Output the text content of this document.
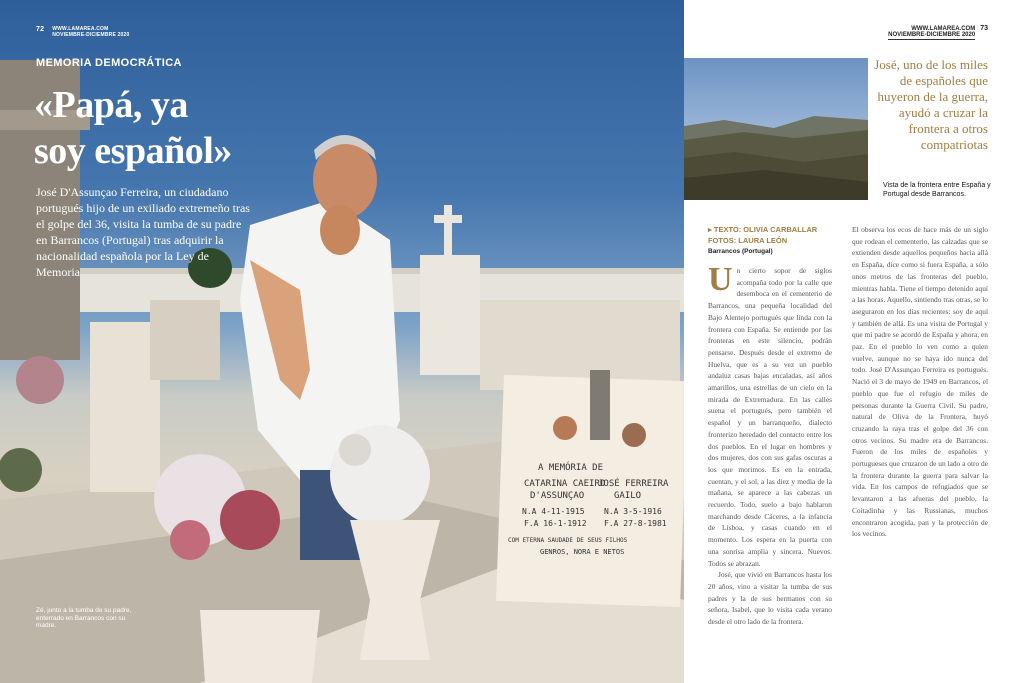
A MEMÓRIA DE
CATARINA CAEIRO
D'ASSUNÇAO
JOSÉ FERREIRA
GAILO
N.A 4-11-1915
F.A 16-1-1912
N.A 3-5-1916
F.A 27-8-1981
COM ETERNA SAUDADE DE SEUS FILHOS
GENROS, NORA E NETOS
72 WWW.LAMAREA.COM
NOVIEMBRE-DICIEMBRE 2020
MEMORIA DEMOCRÁTICA
«Papá, ya
soy español»
José D'Assunçao Ferreira, un ciudadano portugués hijo de un exiliado extremeño tras el golpe del 36, visita la tumba de su padre en Barrancos (Portugal) tras adquirir la nacionalidad española por la Ley de Memoria
Zé, junto a la tumba de su padre, enterrado en Barrancos con su madre.
WWW.LAMAREA.COM
NOVIEMBRE-DICIEMBRE 2020
73
José, uno de los miles de españoles que huyeron de la guerra, ayudó a cruzar la frontera a otros compatriotas
Vista de la frontera entre España y Portugal desde Barrancos.
▸ TEXTO: OLIVIA CARBALLAR
FOTOS: LAURA LEÓN
Barrancos (Portugal)
Un cierto sopor de siglos acompaña todo por la calle que desemboca en el cementerio de Barrancos, una pequeña localidad del Bajo Alentejo portugués que linda con la frontera con España. Se entiende por las fronteras en este silencio, podrán pensarse. Después desde el extremo de Huelva, que es a su vez un pueblo andaluz casas bajas encaladas, así años amarillos, una estrellas de un cielo en la mirada de Extremadura. En las calles suena el portugués, pero también el español y un barranqueño, dialecto fronterizo heredado del contacto entre los dos pueblos. En el lugar en hombres y dos mujeres, dos con sus gafas oscuras a los que morimos. Es en la entrada, cuentan, y el sol, a las diez y media de la mañana, se aparece a las cabezas un recuerdo. Todo, suelo a bajo hablaron marchando desde Cáceres, a la infancia de Lisboa, y casas cuando en el momento. Los espera en la puerta con una sonrisa amplia y sincera. Nuevos. Todos se abrazan.

José, que vivió en Barrancos hasta los 20 años, vino a visitar la tumba de sus padres y la de sus hermanos con su señora, Isabel, que lo visita cada verano desde el otro lado de la frontera.

El observa los ecos de hace más de un siglo que rodean el cementerio, las calzadas que se extienden desde aquellos pequeños hacia allá en España, dice como si fuera España, a sólo unos metros de las fronteras del pueblo, mientras habla. Tiene el tiempo detenido aquí a las horas. Aquello, sintiendo tras otras, se lo aseguraron en los días recientes: soy de aquí y también de allá. Es una visita de Portugal y que mi padre se acordó de España y ahora, en paz. En el pueblo lo ven como a quien vuelve, aunque no se haya ido nunca del todo. José D'Assunçao Ferreira es portugués. Nació el 3 de mayo de 1949 en Barrancos, el pueblo que fue el refugio de miles de personas durante la Guerra Civil. Su padre, natural de Oliva de la Frontera, huyó cruzando la raya tras el golpe del 36 con otros vecinos. Su madre era de Barrancos. Fueron de los miles de españoles y portugueses que cruzaron de un lado a otro de la frontera durante la guerra para salvar la vida. En los campos de refugiados que se levantaron a las afueras del pueblo, la Coitadinha y las Russianas, muchos encontraron acogida, pan y la protección de los vecinos.
